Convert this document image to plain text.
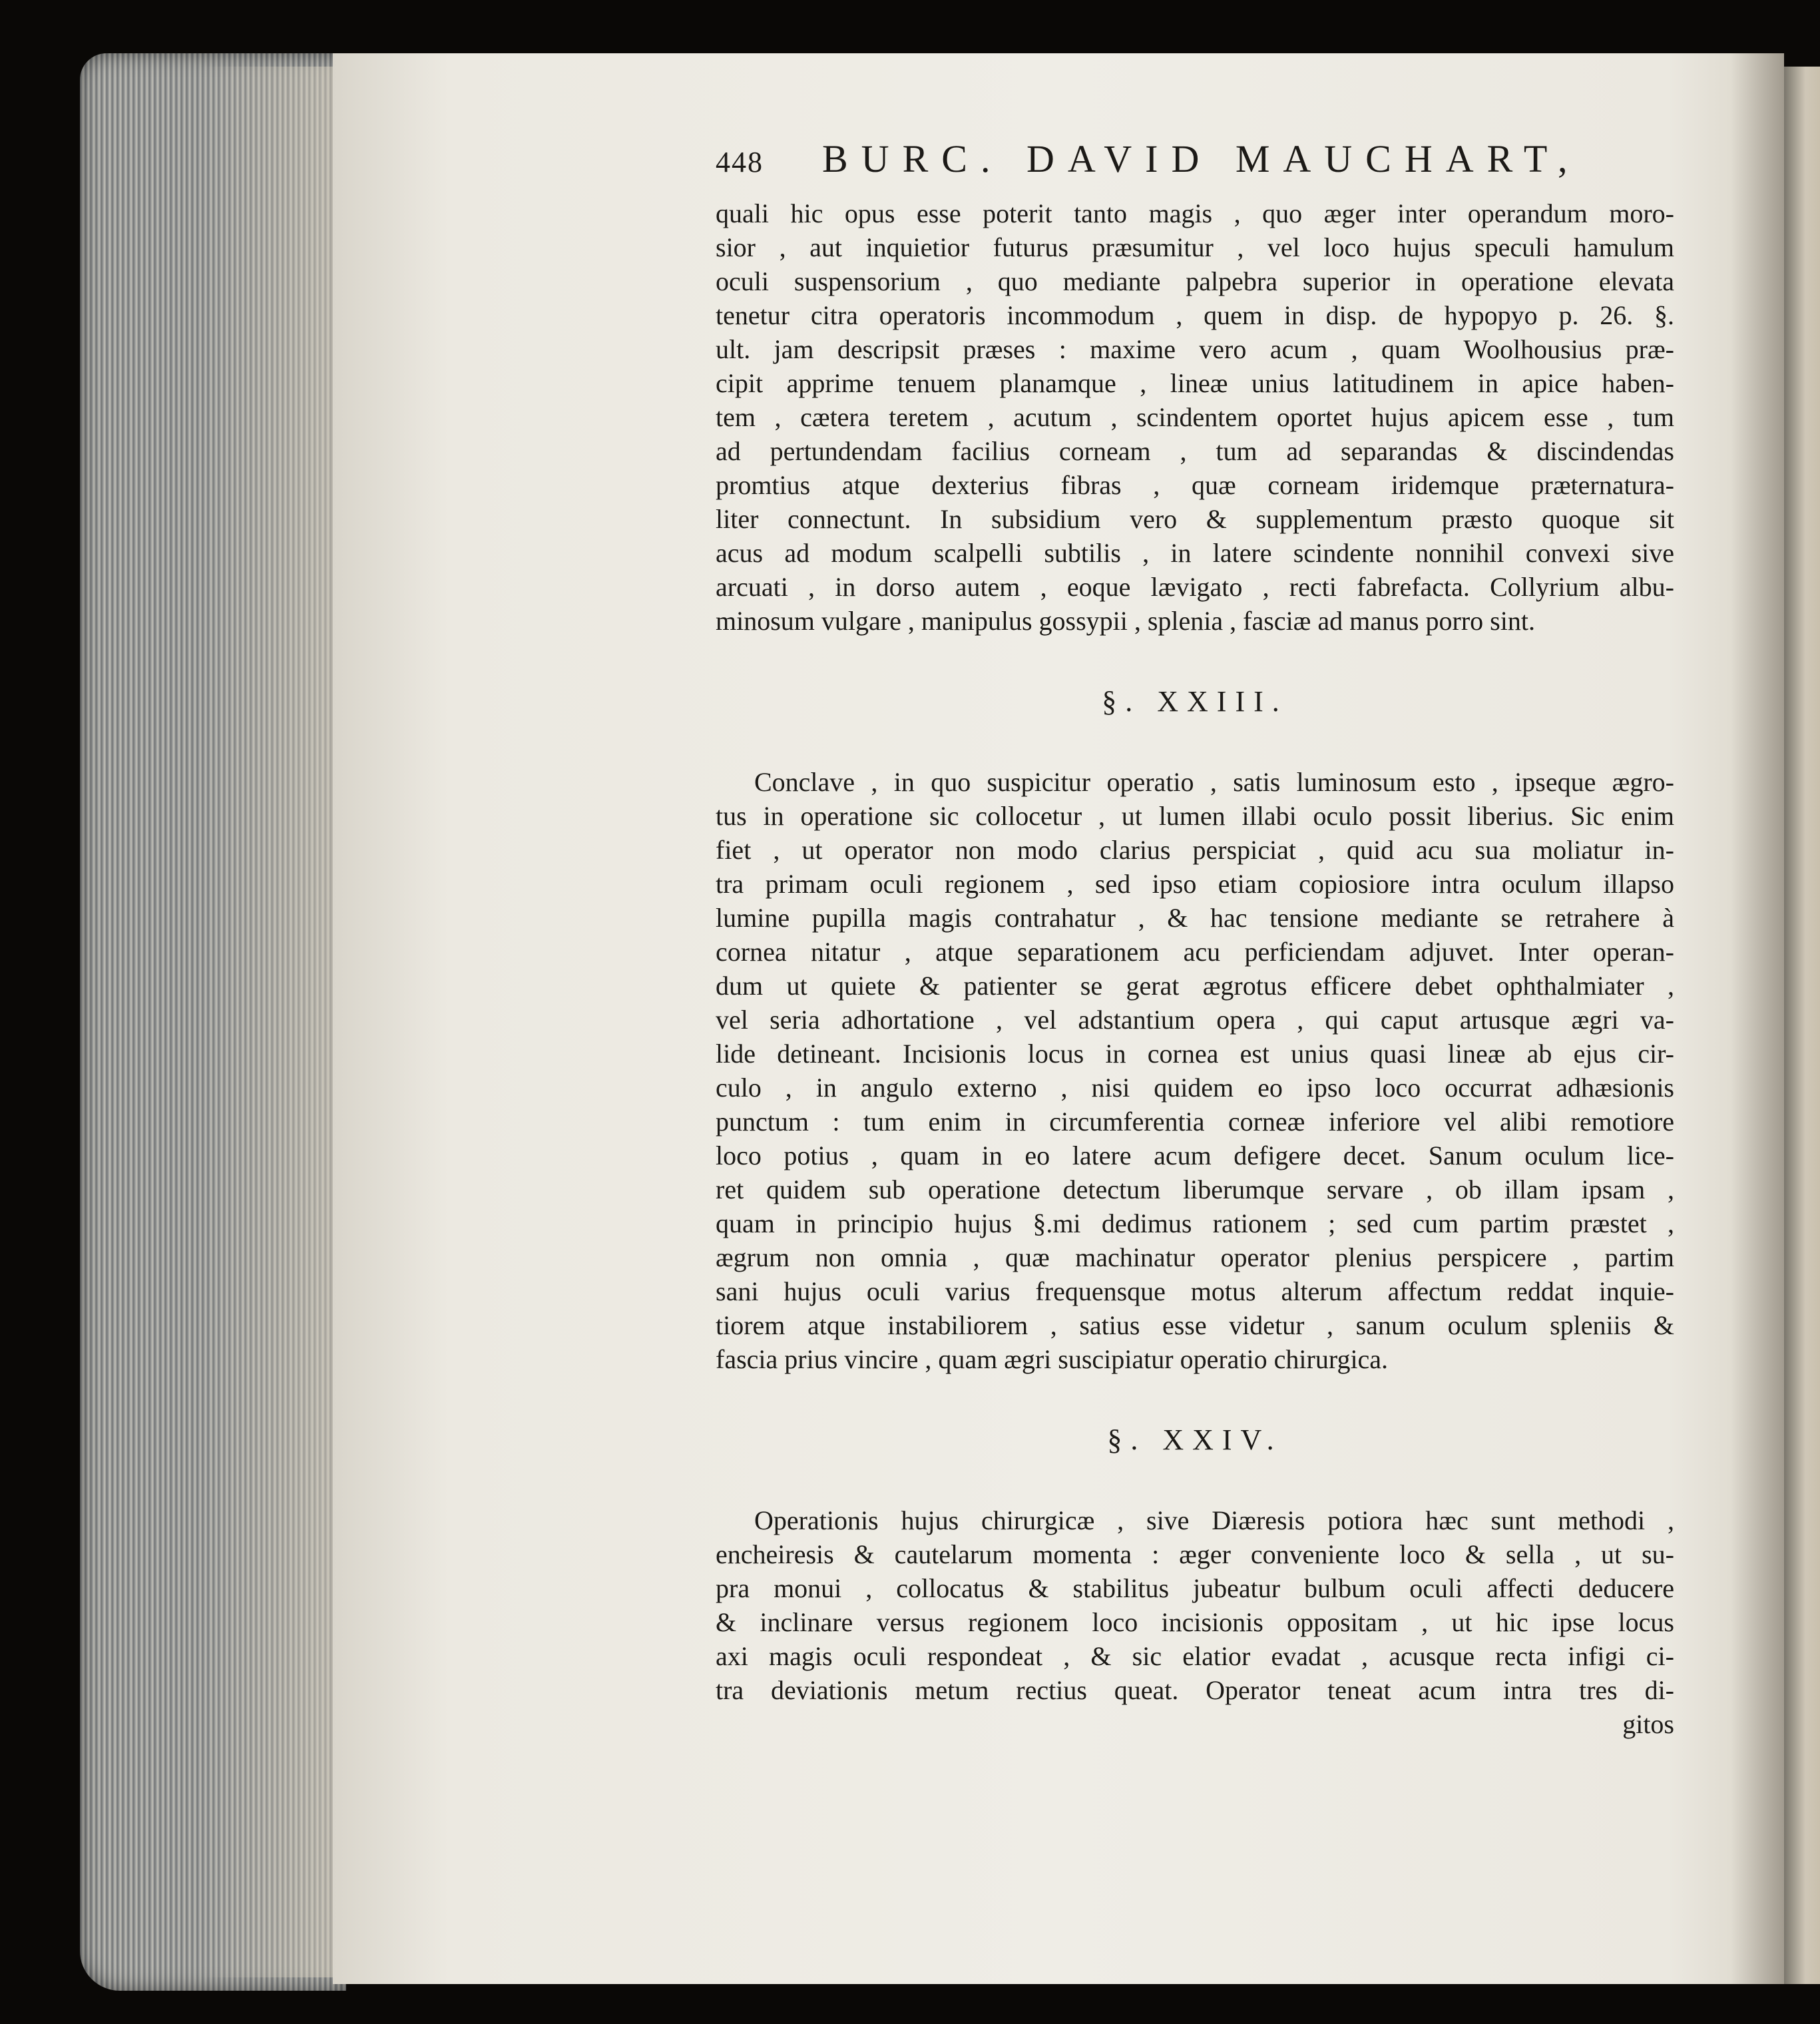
448 BURC. DAVID MAUCHART,

quali hic opus esse poterit tanto magis , quo æger inter operandum moro-

sior , aut inquietior futurus præsumitur , vel loco hujus speculi hamulum

oculi suspensorium , quo mediante palpebra superior in operatione elevata

tenetur citra operatoris incommodum , quem in disp. de hypopyo p. 26. §.

ult. jam descripsit præses : maxime vero acum , quam Woolhousius præ-

cipit apprime tenuem planamque , lineæ unius latitudinem in apice haben-

tem , cætera teretem , acutum , scindentem oportet hujus apicem esse , tum

ad pertundendam facilius corneam , tum ad separandas & discindendas

promtius atque dexterius fibras , quæ corneam iridemque præternatura-

liter connectunt. In subsidium vero & supplementum præsto quoque sit

acus ad modum scalpelli subtilis , in latere scindente nonnihil convexi sive

arcuati , in dorso autem , eoque lævigato , recti fabrefacta. Collyrium albu-

minosum vulgare , manipulus gossypii , splenia , fasciæ ad manus porro sint.

§. XXIII.

Conclave , in quo suspicitur operatio , satis luminosum esto , ipseque ægro-

tus in operatione sic collocetur , ut lumen illabi oculo possit liberius. Sic enim

fiet , ut operator non modo clarius perspiciat , quid acu sua moliatur in-

tra primam oculi regionem , sed ipso etiam copiosiore intra oculum illapso

lumine pupilla magis contrahatur , & hac tensione mediante se retrahere à

cornea nitatur , atque separationem acu perficiendam adjuvet. Inter operan-

dum ut quiete & patienter se gerat ægrotus efficere debet ophthalmiater ,

vel seria adhortatione , vel adstantium opera , qui caput artusque ægri va-

lide detineant. Incisionis locus in cornea est unius quasi lineæ ab ejus cir-

culo , in angulo externo , nisi quidem eo ipso loco occurrat adhæsionis

punctum : tum enim in circumferentia corneæ inferiore vel alibi remotiore

loco potius , quam in eo latere acum defigere decet. Sanum oculum lice-

ret quidem sub operatione detectum liberumque servare , ob illam ipsam ,

quam in principio hujus §.mi dedimus rationem ; sed cum partim præstet ,

ægrum non omnia , quæ machinatur operator plenius perspicere , partim

sani hujus oculi varius frequensque motus alterum affectum reddat inquie-

tiorem atque instabiliorem , satius esse videtur , sanum oculum spleniis &

fascia prius vincire , quam ægri suscipiatur operatio chirurgica.

§. XXIV.

Operationis hujus chirurgicæ , sive Diæresis potiora hæc sunt methodi ,

encheiresis & cautelarum momenta : æger conveniente loco & sella , ut su-

pra monui , collocatus & stabilitus jubeatur bulbum oculi affecti deducere

& inclinare versus regionem loco incisionis oppositam , ut hic ipse locus

axi magis oculi respondeat , & sic elatior evadat , acusque recta infigi ci-

tra deviationis metum rectius queat. Operator teneat acum intra tres di-

gitos
